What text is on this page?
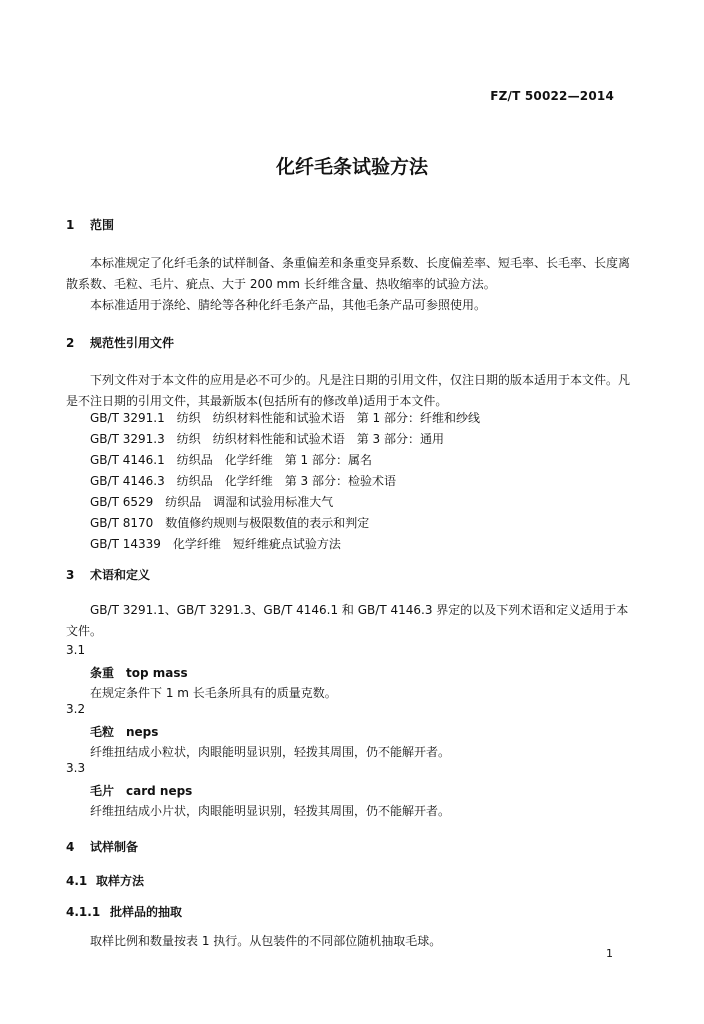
FZ/T 50022—2014
化纤毛条试验方法
1 范围
本标准规定了化纤毛条的试样制备、条重偏差和条重变异系数、长度偏差率、短毛率、长毛率、长度离散系数、毛粒、毛片、疵点、大于 200 mm 长纤维含量、热收缩率的试验方法。
本标准适用于涤纶、腈纶等各种化纤毛条产品，其他毛条产品可参照使用。
2 规范性引用文件
下列文件对于本文件的应用是必不可少的。凡是注日期的引用文件，仅注日期的版本适用于本文件。凡是不注日期的引用文件，其最新版本(包括所有的修改单)适用于本文件。
GB/T 3291.1　纺织　纺织材料性能和试验术语　第 1 部分：纤维和纱线
GB/T 3291.3　纺织　纺织材料性能和试验术语　第 3 部分：通用
GB/T 4146.1　纺织品　化学纤维　第 1 部分：属名
GB/T 4146.3　纺织品　化学纤维　第 3 部分：检验术语
GB/T 6529　纺织品　调湿和试验用标准大气
GB/T 8170　数值修约规则与极限数值的表示和判定
GB/T 14339　化学纤维　短纤维疵点试验方法
3 术语和定义
GB/T 3291.1、GB/T 3291.3、GB/T 4146.1 和 GB/T 4146.3 界定的以及下列术语和定义适用于本文件。
3.1
条重　top mass
在规定条件下 1 m 长毛条所具有的质量克数。
3.2
毛粒　neps
纤维扭结成小粒状，肉眼能明显识别，轻拨其周围，仍不能解开者。
3.3
毛片　card neps
纤维扭结成小片状，肉眼能明显识别，轻拨其周围，仍不能解开者。
4 试样制备
4.1 取样方法
4.1.1 批样品的抽取
取样比例和数量按表 1 执行。从包装件的不同部位随机抽取毛球。
1
